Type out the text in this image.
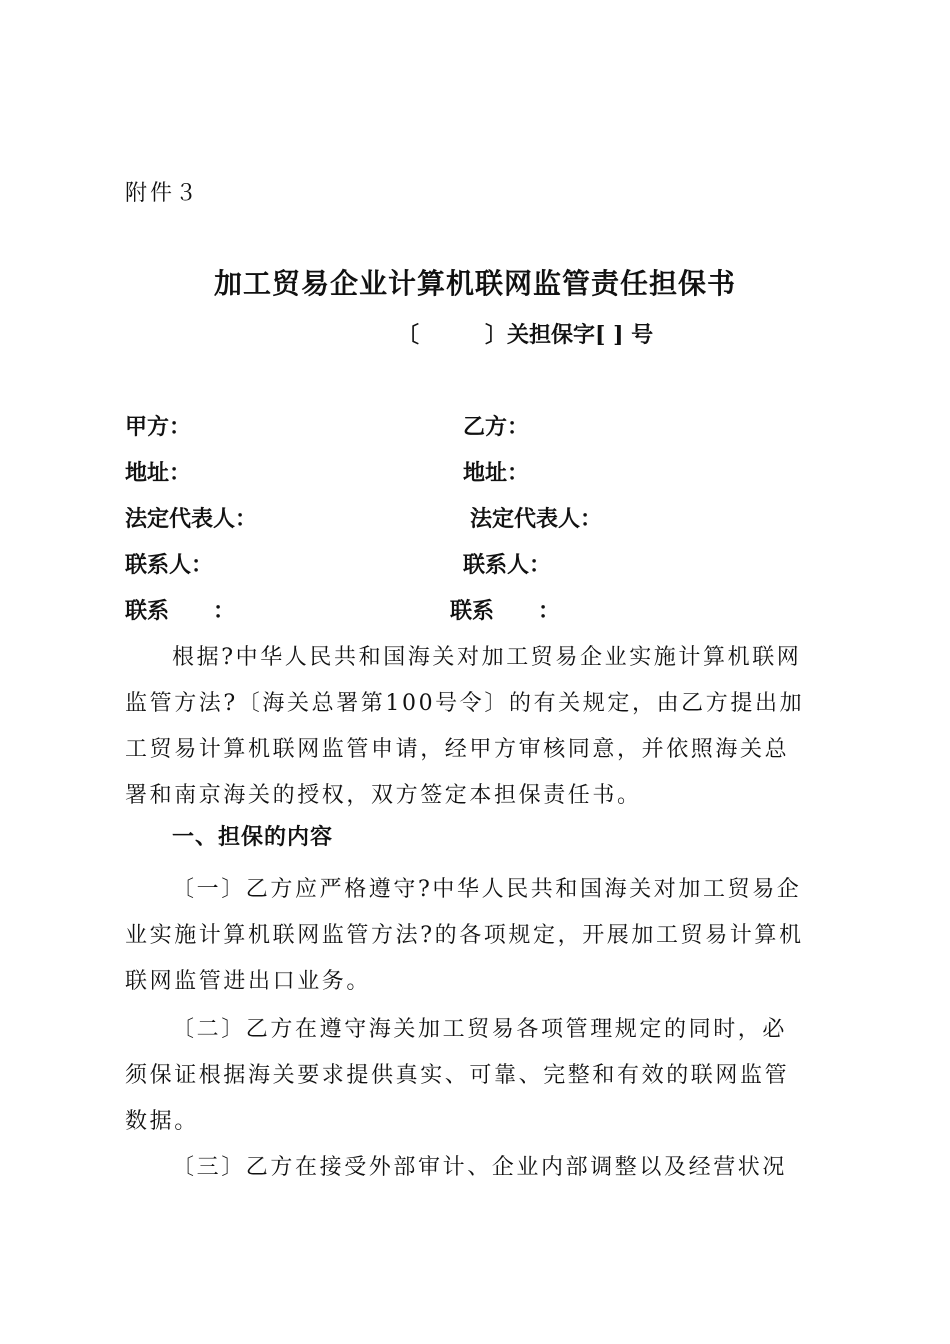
附件３
加工贸易企业计算机联网监管责任担保书
〔　　　〕关担保字[ ] 号
甲方：	乙方：
地址：	地址：
法定代表人：	法定代表人：
联系人：	联系人：
联系　　：	联系　　：
根据?中华人民共和国海关对加工贸易企业实施计算机联网
监管方法?〔海关总署第100号令〕的有关规定，由乙方提出加
工贸易计算机联网监管申请，经甲方审核同意，并依照海关总
署和南京海关的授权，双方签定本担保责任书。
一、担保的内容
〔一〕乙方应严格遵守?中华人民共和国海关对加工贸易企
业实施计算机联网监管方法?的各项规定，开展加工贸易计算机
联网监管进出口业务。
〔二〕乙方在遵守海关加工贸易各项管理规定的同时，必
须保证根据海关要求提供真实、可靠、完整和有效的联网监管
数据。
〔三〕乙方在接受外部审计、企业内部调整以及经营状况
